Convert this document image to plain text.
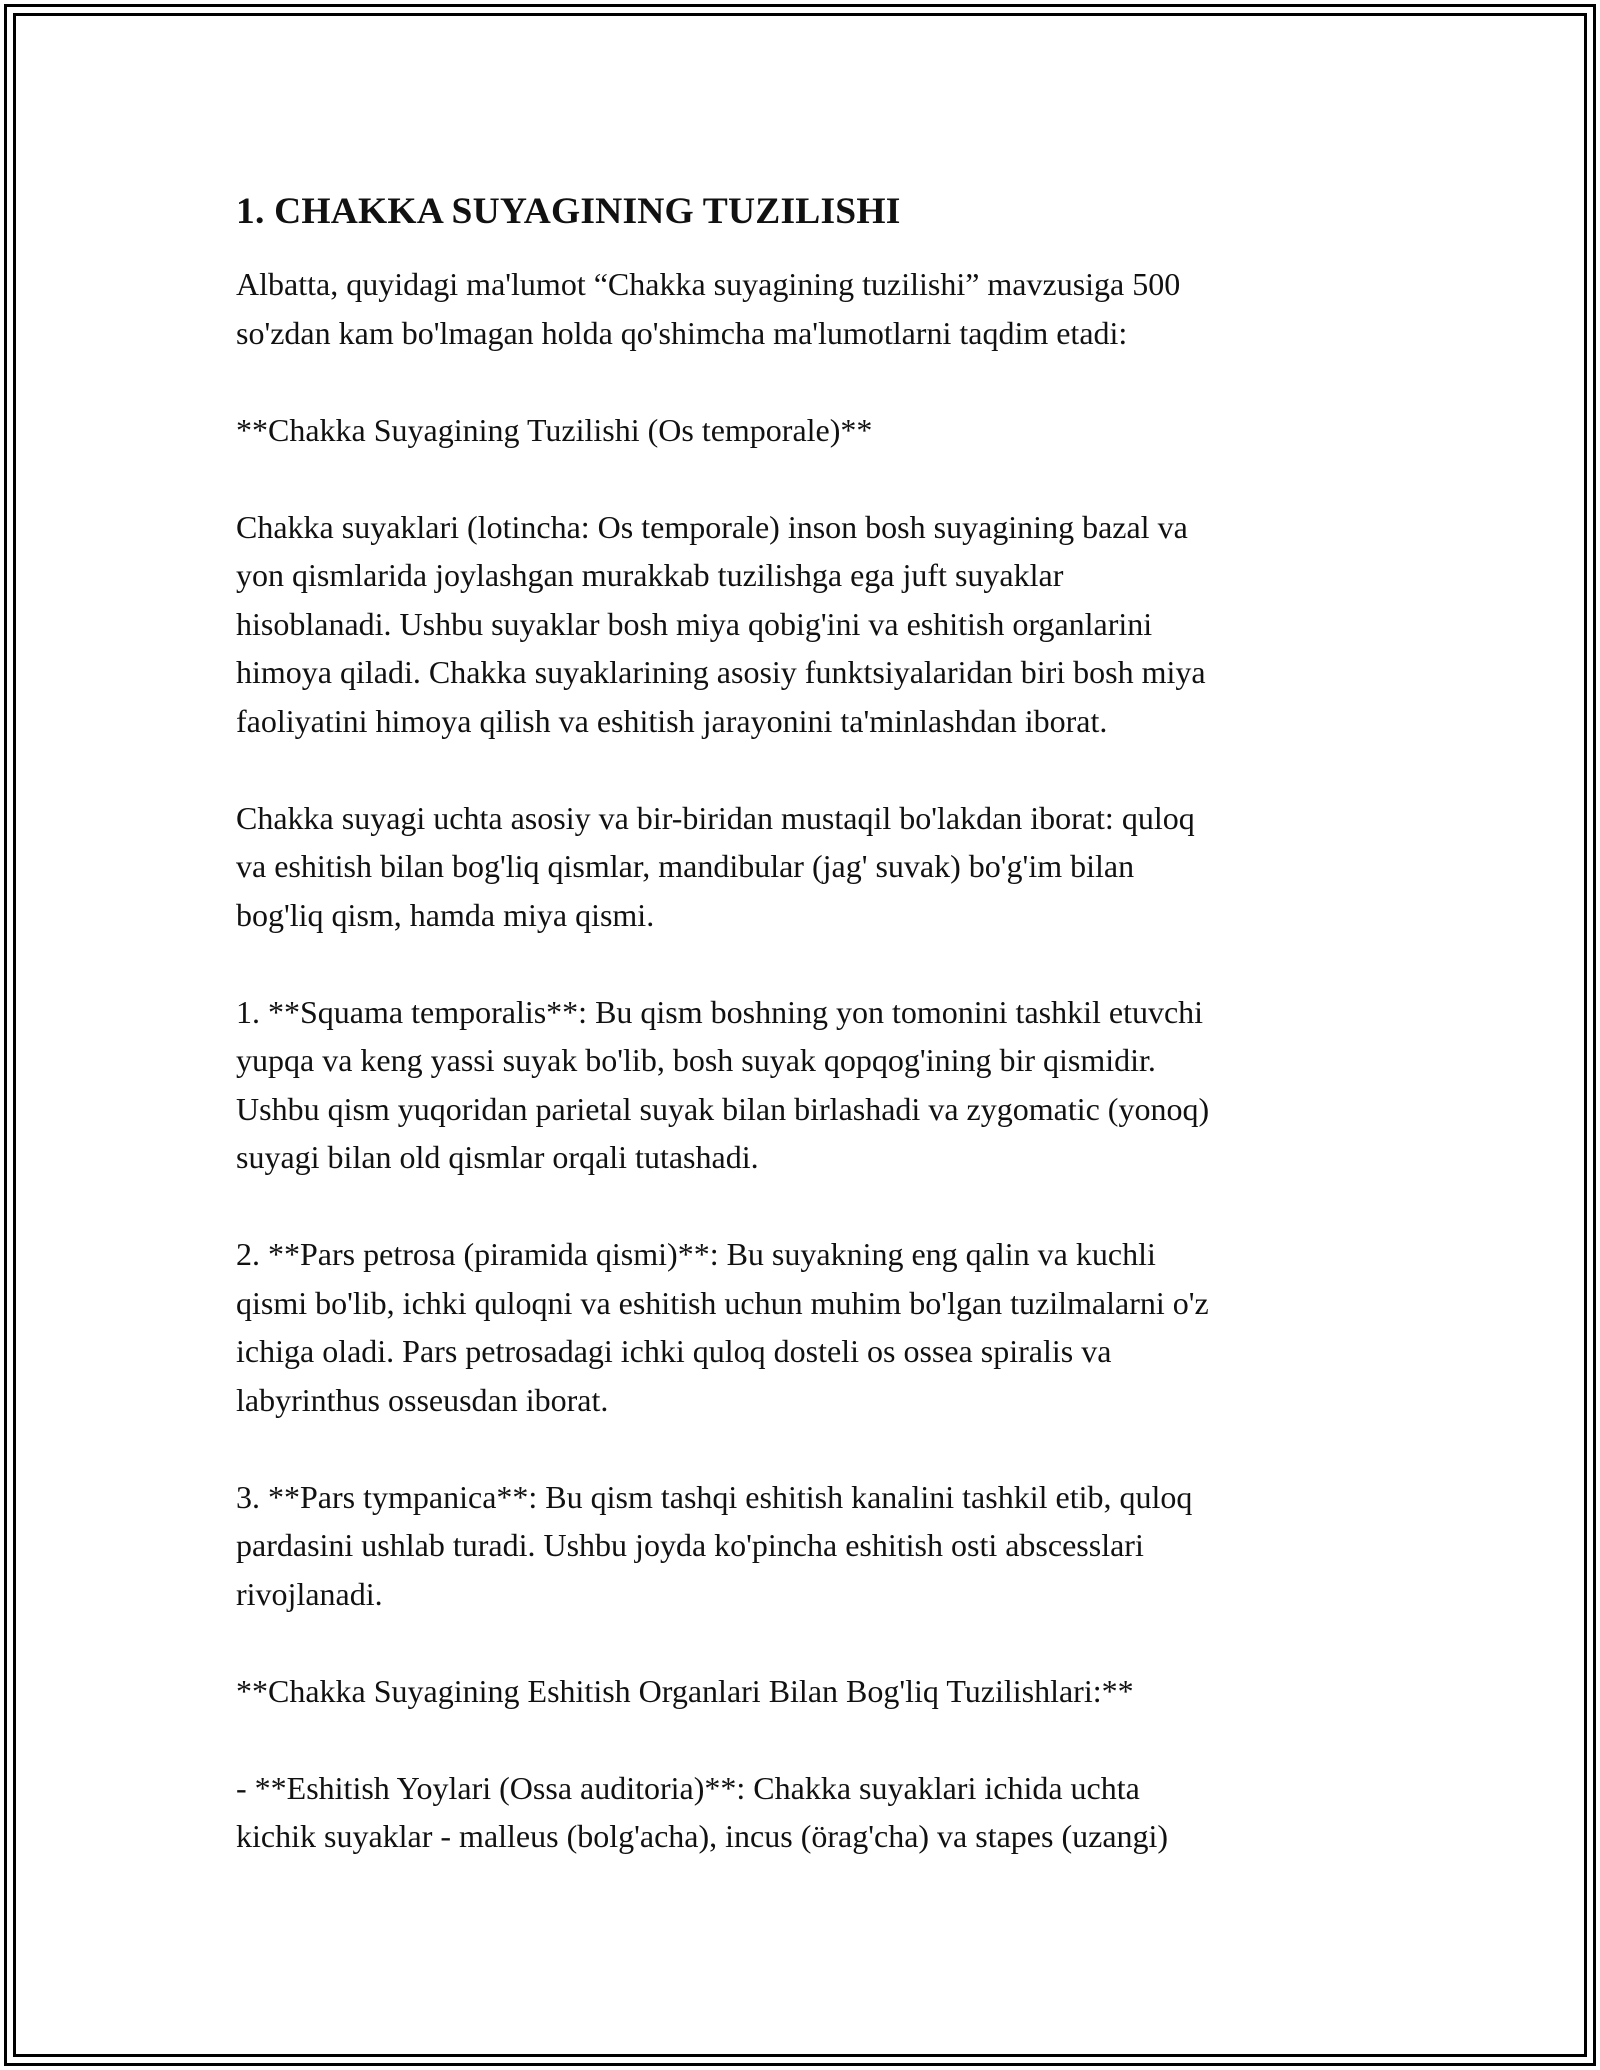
1. CHAKKA SUYAGINING TUZILISHI
Albatta, quyidagi ma'lumot “Chakka suyagining tuzilishi” mavzusiga 500
so'zdan kam bo'lmagan holda qo'shimcha ma'lumotlarni taqdim etadi:
**Chakka Suyagining Tuzilishi (Os temporale)**
Chakka suyaklari (lotincha: Os temporale) inson bosh suyagining bazal va
yon qismlarida joylashgan murakkab tuzilishga ega juft suyaklar
hisoblanadi. Ushbu suyaklar bosh miya qobig'ini va eshitish organlarini
himoya qiladi. Chakka suyaklarining asosiy funktsiyalaridan biri bosh miya
faoliyatini himoya qilish va eshitish jarayonini ta'minlashdan iborat.
Chakka suyagi uchta asosiy va bir-biridan mustaqil bo'lakdan iborat: quloq
va eshitish bilan bog'liq qismlar, mandibular (jag' suvak) bo'g'im bilan
bog'liq qism, hamda miya qismi.
1. **Squama temporalis**: Bu qism boshning yon tomonini tashkil etuvchi
yupqa va keng yassi suyak bo'lib, bosh suyak qopqog'ining bir qismidir.
Ushbu qism yuqoridan parietal suyak bilan birlashadi va zygomatic (yonoq)
suyagi bilan old qismlar orqali tutashadi.
2. **Pars petrosa (piramida qismi)**: Bu suyakning eng qalin va kuchli
qismi bo'lib, ichki quloqni va eshitish uchun muhim bo'lgan tuzilmalarni o'z
ichiga oladi. Pars petrosadagi ichki quloq dosteli os ossea spiralis va
labyrinthus osseusdan iborat.
3. **Pars tympanica**: Bu qism tashqi eshitish kanalini tashkil etib, quloq
pardasini ushlab turadi. Ushbu joyda ko'pincha eshitish osti abscesslari
rivojlanadi.
**Chakka Suyagining Eshitish Organlari Bilan Bog'liq Tuzilishlari:**
- **Eshitish Yoylari (Ossa auditoria)**: Chakka suyaklari ichida uchta
kichik suyaklar - malleus (bolg'acha), incus (örag'cha) va stapes (uzangi)
